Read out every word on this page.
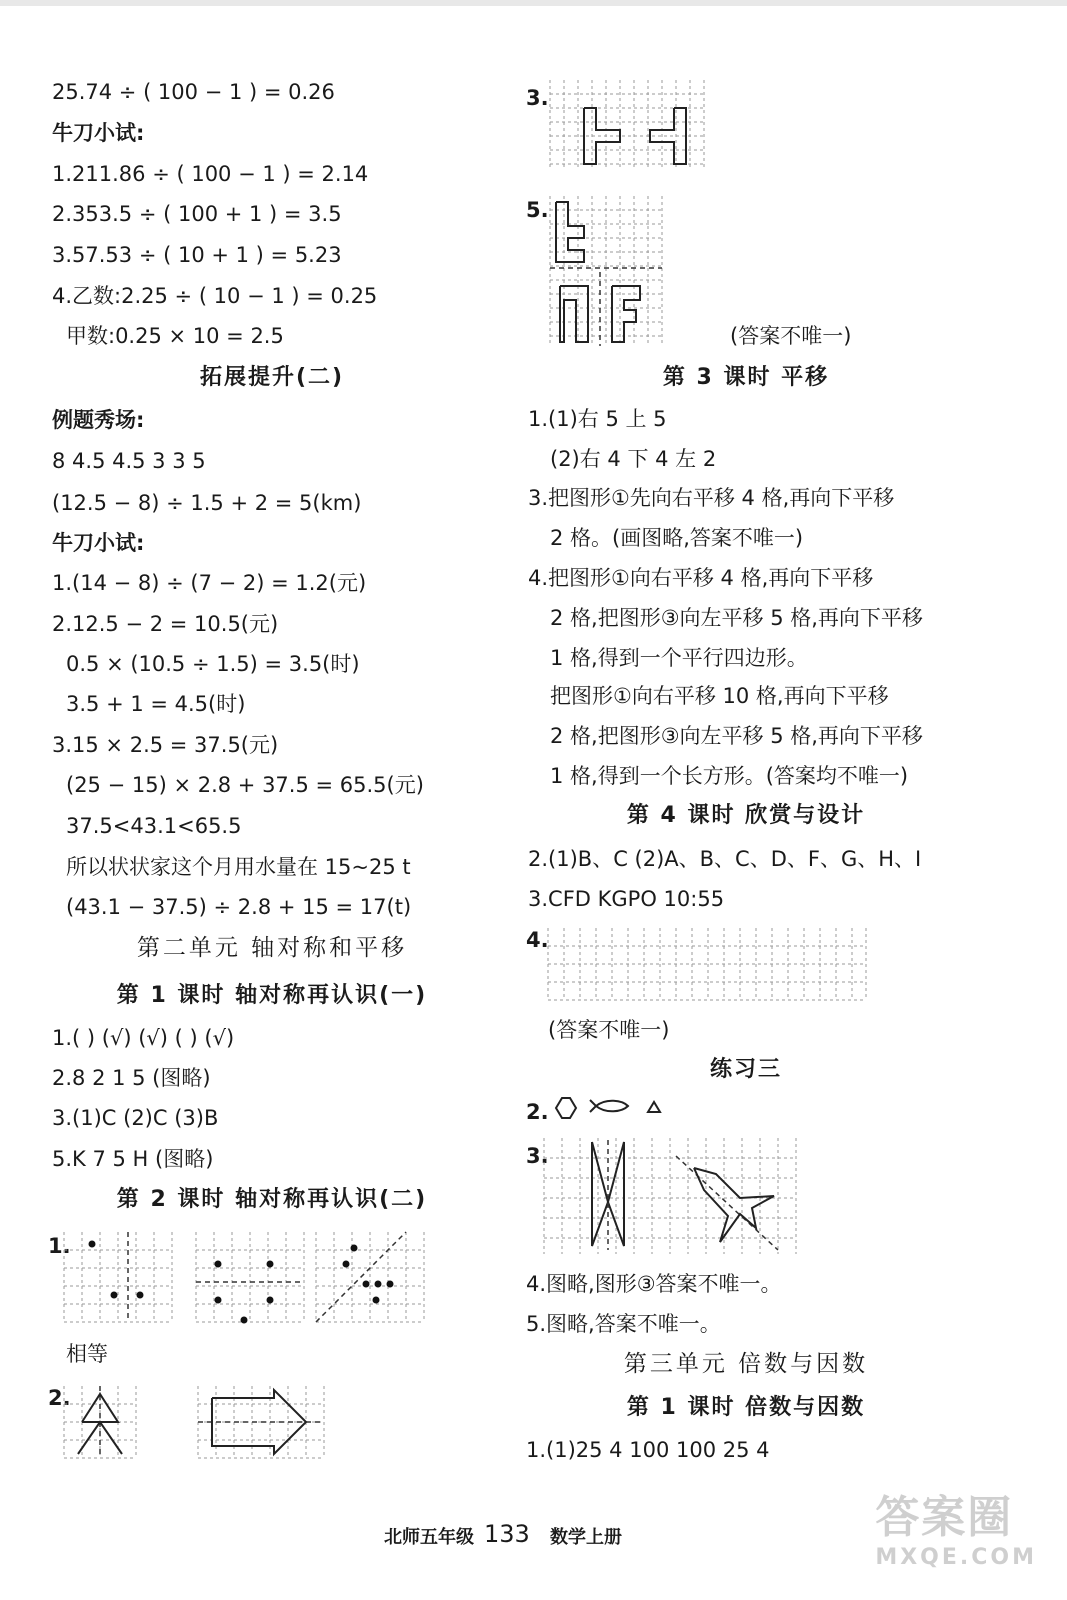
25.74 ÷ ( 100 − 1 ) = 0.26
牛刀小试:
1.211.86 ÷ ( 100 − 1 ) = 2.14
2.353.5 ÷ ( 100 + 1 ) = 3.5
3.57.53 ÷ ( 10 + 1 ) = 5.23
4.乙数:2.25 ÷ ( 10 − 1 ) = 0.25
甲数:0.25 × 10 = 2.5
拓展提升(二)
例题秀场:
8 4.5 4.5 3 3 5
(12.5 − 8) ÷ 1.5 + 2 = 5(km)
牛刀小试:
1.(14 − 8) ÷ (7 − 2) = 1.2(元)
2.12.5 − 2 = 10.5(元)
0.5 × (10.5 ÷ 1.5) = 3.5(时)
3.5 + 1 = 4.5(时)
3.15 × 2.5 = 37.5(元)
(25 − 15) × 2.8 + 37.5 = 65.5(元)
37.5<43.1<65.5
所以状状家这个月用水量在 15~25 t
(43.1 − 37.5) ÷ 2.8 + 15 = 17(t)
第二单元 轴对称和平移
第 1 课时 轴对称再认识(一)
1.( ) (√) (√) ( ) (√)
2.8 2 1 5 (图略)
3.(1)C (2)C (3)B
5.K 7 5 H (图略)
第 2 课时 轴对称再认识(二)
1.
相等
2.
3.
5.
(答案不唯一)
第 3 课时 平移
1.(1)右 5 上 5
(2)右 4 下 4 左 2
3.把图形①先向右平移 4 格,再向下平移
2 格。(画图略,答案不唯一)
4.把图形①向右平移 4 格,再向下平移
2 格,把图形③向左平移 5 格,再向下平移
1 格,得到一个平行四边形。
把图形①向右平移 10 格,再向下平移
2 格,把图形③向左平移 5 格,再向下平移
1 格,得到一个长方形。(答案均不唯一)
第 4 课时 欣赏与设计
2.(1)B、C (2)A、B、C、D、F、G、H、I
3.CFD KGPO 10:55
4.
(答案不唯一)
练习三
2.
3.
4.图略,图形③答案不唯一。
5.图略,答案不唯一。
第三单元 倍数与因数
第 1 课时 倍数与因数
1.(1)25 4 100 100 25 4
北师五年级 133 数学上册	答案圈
MXQE.COM
